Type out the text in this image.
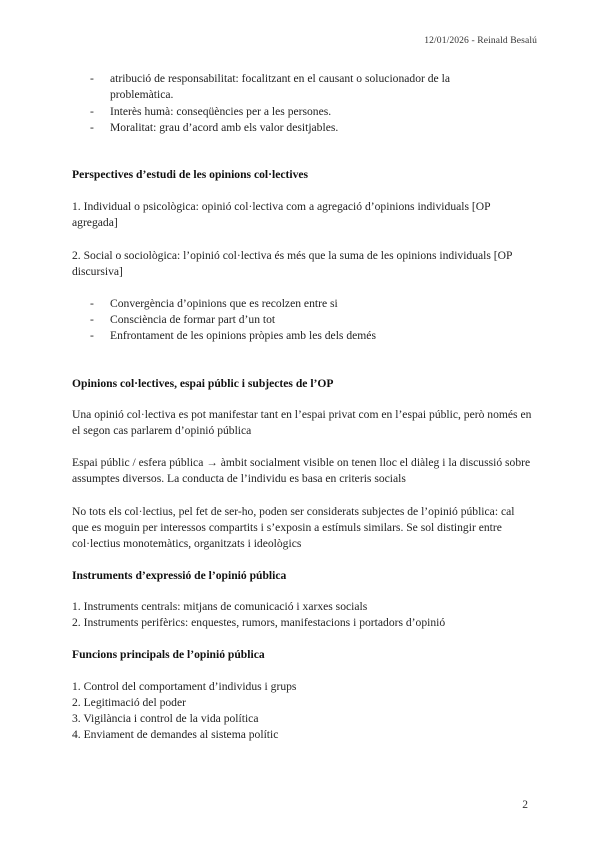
12/01/2026 - Reinald Besalú
- atribució de responsabilitat: focalitzant en el causant o solucionador de la problemàtica.
- Interès humà: conseqüències per a les persones.
- Moralitat: grau d’acord amb els valor desitjables.
Perspectives d’estudi de les opinions col·lectives
1. Individual o psicològica: opinió col·lectiva com a agregació d’opinions individuals [OP agregada]
2. Social o sociològica: l’opinió col·lectiva és més que la suma de les opinions individuals [OP discursiva]
- Convergència d’opinions que es recolzen entre si
- Consciència de formar part d’un tot
- Enfrontament de les opinions pròpies amb les dels demés
Opinions col·lectives, espai públic i subjectes de l’OP
Una opinió col·lectiva es pot manifestar tant en l’espai privat com en l’espai públic, però només en el segon cas parlarem d’opinió pública
Espai públic / esfera pública → àmbit socialment visible on tenen lloc el diàleg i la discussió sobre assumptes diversos. La conducta de l’individu es basa en criteris socials
No tots els col·lectius, pel fet de ser-ho, poden ser considerats subjectes de l’opinió pública: cal que es moguin per interessos compartits i s’exposin a estímuls similars. Se sol distingir entre col·lectius monotemàtics, organitzats i ideològics
Instruments d’expressió de l’opinió pública
1. Instruments centrals: mitjans de comunicació i xarxes socials
2. Instruments perifèrics: enquestes, rumors, manifestacions i portadors d’opinió
Funcions principals de l’opinió pública
1. Control del comportament d’individus i grups
2. Legitimació del poder
3. Vigilància i control de la vida política
4. Enviament de demandes al sistema polític
2
